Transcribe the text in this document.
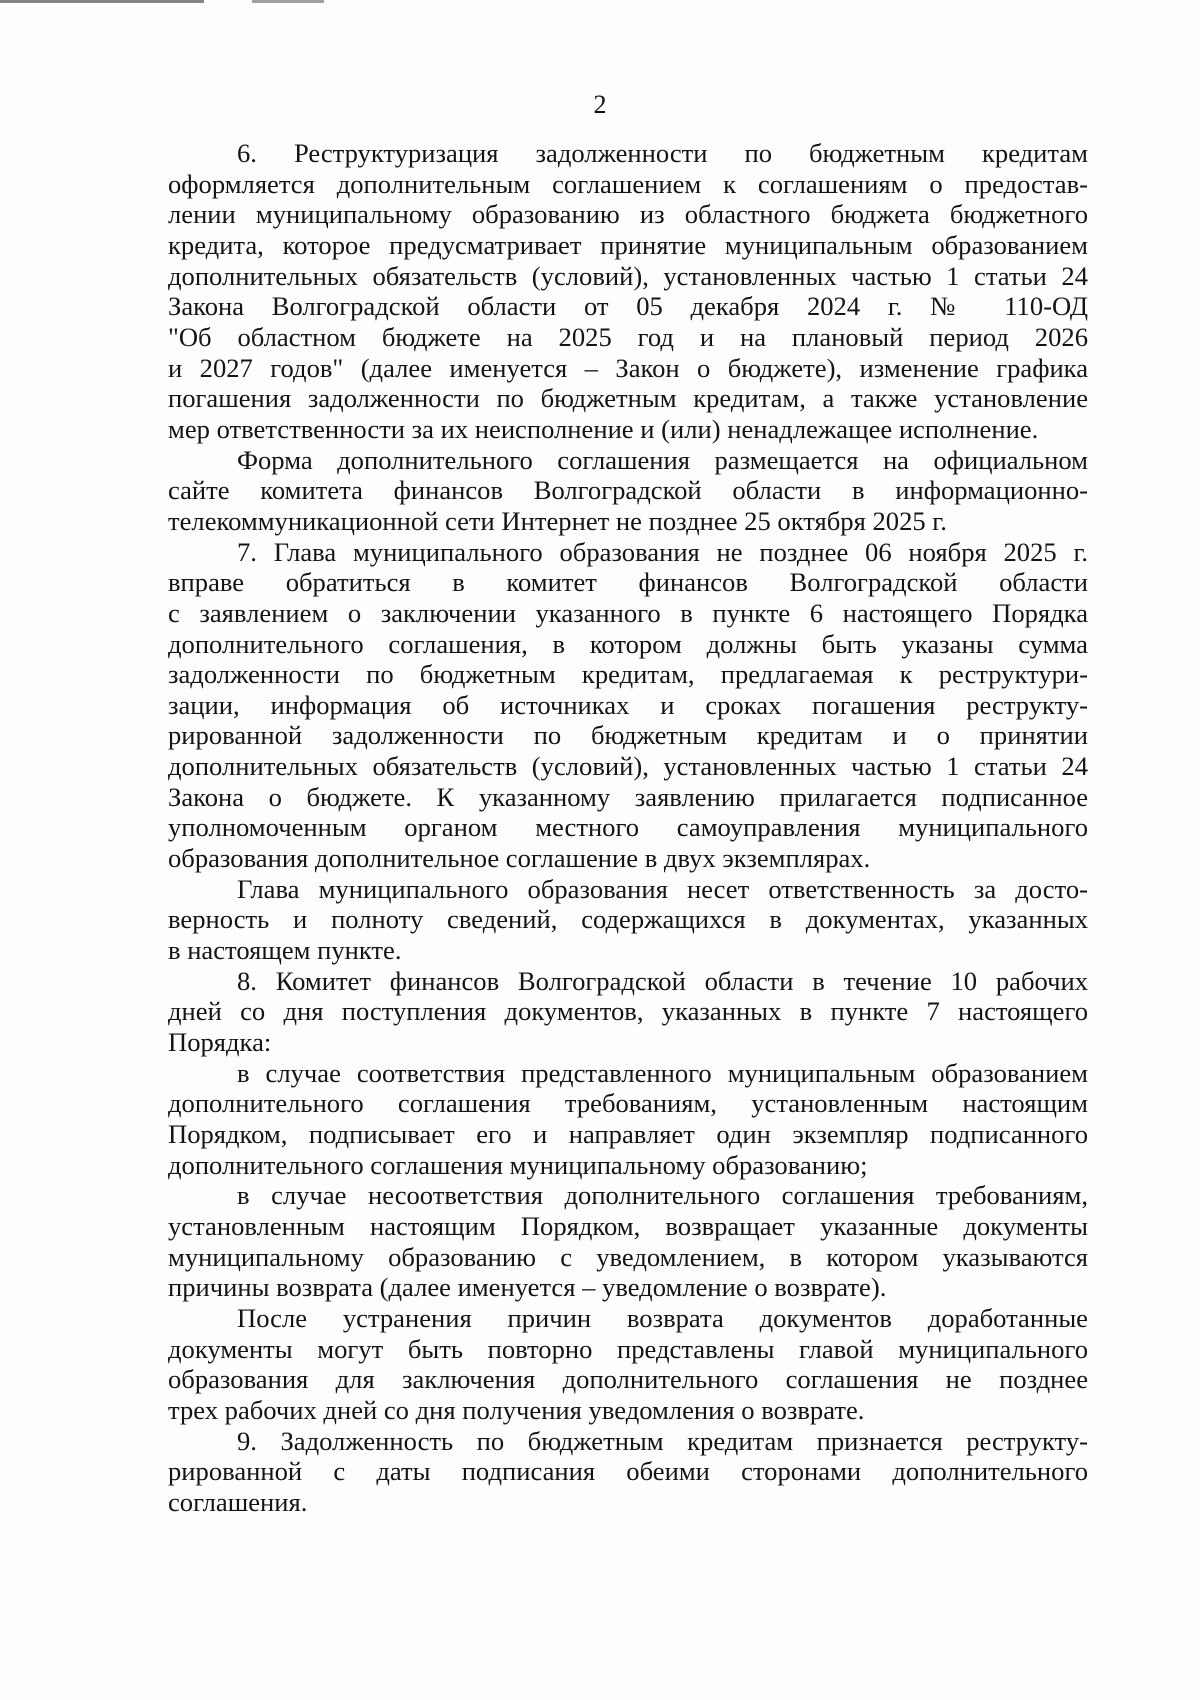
2
6. Реструктуризация задолженности по бюджетным кредитам
оформляется дополнительным соглашением к соглашениям о предостав-
лении муниципальному образованию из областного бюджета бюджетного
кредита, которое предусматривает принятие муниципальным образованием
дополнительных обязательств (условий), установленных частью 1 статьи 24
Закона Волгоградской области от 05 декабря 2024 г. № 110-ОД
"Об областном бюджете на 2025 год и на плановый период 2026
и 2027 годов" (далее именуется – Закон о бюджете), изменение графика
погашения задолженности по бюджетным кредитам, а также установление
мер ответственности за их неисполнение и (или) ненадлежащее исполнение.
Форма дополнительного соглашения размещается на официальном
сайте комитета финансов Волгоградской области в информационно-
телекоммуникационной сети Интернет не позднее 25 октября 2025 г.
7. Глава муниципального образования не позднее 06 ноября 2025 г.
вправе обратиться в комитет финансов Волгоградской области
с заявлением о заключении указанного в пункте 6 настоящего Порядка
дополнительного соглашения, в котором должны быть указаны сумма
задолженности по бюджетным кредитам, предлагаемая к реструктури-
зации, информация об источниках и сроках погашения реструкту-
рированной задолженности по бюджетным кредитам и о принятии
дополнительных обязательств (условий), установленных частью 1 статьи 24
Закона о бюджете. К указанному заявлению прилагается подписанное
уполномоченным органом местного самоуправления муниципального
образования дополнительное соглашение в двух экземплярах.
Глава муниципального образования несет ответственность за досто-
верность и полноту сведений, содержащихся в документах, указанных
в настоящем пункте.
8. Комитет финансов Волгоградской области в течение 10 рабочих
дней со дня поступления документов, указанных в пункте 7 настоящего
Порядка:
в случае соответствия представленного муниципальным образованием
дополнительного соглашения требованиям, установленным настоящим
Порядком, подписывает его и направляет один экземпляр подписанного
дополнительного соглашения муниципальному образованию;
в случае несоответствия дополнительного соглашения требованиям,
установленным настоящим Порядком, возвращает указанные документы
муниципальному образованию с уведомлением, в котором указываются
причины возврата (далее именуется – уведомление о возврате).
После устранения причин возврата документов доработанные
документы могут быть повторно представлены главой муниципального
образования для заключения дополнительного соглашения не позднее
трех рабочих дней со дня получения уведомления о возврате.
9. Задолженность по бюджетным кредитам признается реструкту-
рированной с даты подписания обеими сторонами дополнительного
соглашения.
